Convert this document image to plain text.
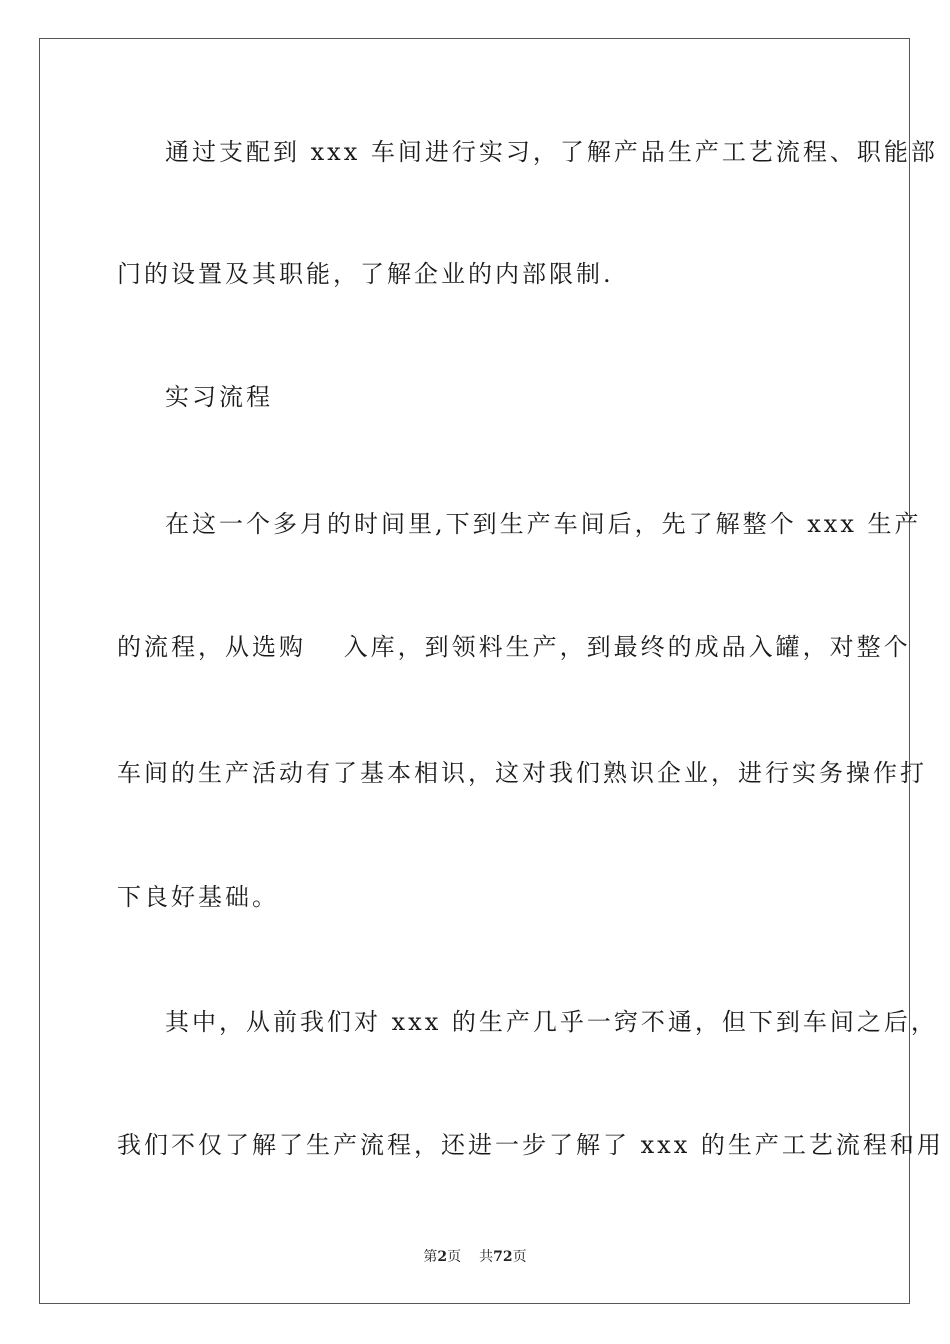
通过支配到 xxx 车间进行实习，了解产品生产工艺流程、职能部
门的设置及其职能，了解企业的内部限制.
实习流程
在这一个多月的时间里,下到生产车间后，先了解整个 xxx 生产
的流程，从选购　 入库，到领料生产，到最终的成品入罐，对整个
车间的生产活动有了基本相识，这对我们熟识企业，进行实务操作打
下良好基础。
其中，从前我们对 xxx 的生产几乎一窍不通，但下到车间之后，
我们不仅了解了生产流程，还进一步了解了 xxx 的生产工艺流程和用
第2页 共72页
